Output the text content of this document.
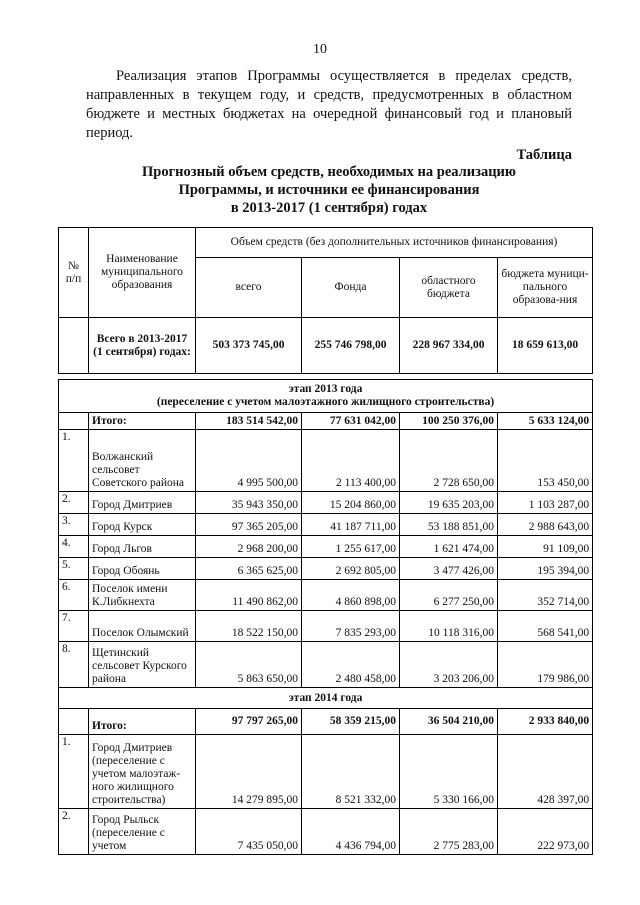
10
Реализация этапов Программы осуществляется в пределах средств, направленных в текущем году, и средств, предусмотренных в областном бюджете и местных бюджетах на очередной финансовый год и плановый период.
Таблица
Прогнозный объем средств, необходимых на реализацию
Программы, и источники ее финансирования
в 2013-2017 (1 сентября) годах
№ п/п	Наименование муниципального образования	Объем средств (без дополнительных источников финансирования)			
		всего	Фонда	областного бюджета	бюджета муници-пального образова-ния
	Всего в 2013-2017 (1 сентября) годах:	503 373 745,00	255 746 798,00	228 967 334,00	18 659 613,00
этап 2013 года
(переселение с учетом малоэтажного жилищного строительства)					

	Итого:	183 514 542,00	77 631 042,00	100 250 376,00	5 633 124,00
1.	Волжанский сельсовет Советского района	4 995 500,00	2 113 400,00	2 728 650,00	153 450,00
2.	Город Дмитриев	35 943 350,00	15 204 860,00	19 635 203,00	1 103 287,00
3.	Город Курск	97 365 205,00	41 187 711,00	53 188 851,00	2 988 643,00
4.	Город Льгов	2 968 200,00	1 255 617,00	1 621 474,00	91 109,00
5.	Город Обоянь	6 365 625,00	2 692 805,00	3 477 426,00	195 394,00
6.	Поселок имени К.Либкнехта	11 490 862,00	4 860 898,00	6 277 250,00	352 714,00
7.	Поселок Олымский	18 522 150,00	7 835 293,00	10 118 316,00	568 541,00
8.	Щетинский сельсовет Курского района	5 863 650,00	2 480 458,00	3 203 206,00	179 986,00
этап 2014 года					
	Итого:	97 797 265,00	58 359 215,00	36 504 210,00	2 933 840,00
1.	Город Дмитриев (переселение с учетом малоэтаж-ного жилищного строительства)	14 279 895,00	8 521 332,00	5 330 166,00	428 397,00
2.	Город Рыльск (переселение с учетом	7 435 050,00	4 436 794,00	2 775 283,00	222 973,00
